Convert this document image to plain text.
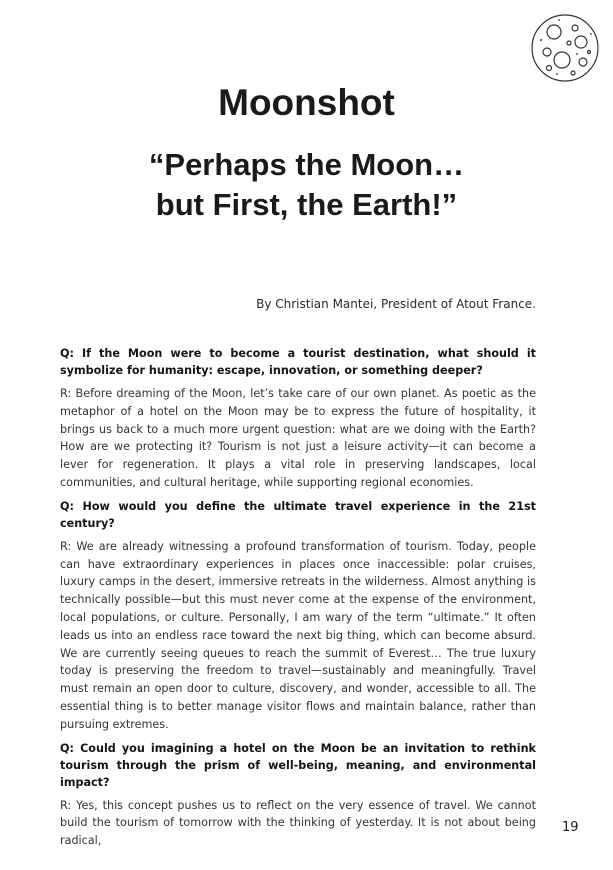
Moonshot
“Perhaps the Moon…
but First, the Earth!”

By Christian Mantei, President of Atout France.

Q: If the Moon were to become a tourist destination, what should it symbolize for humanity: escape, innovation, or something deeper?

R: Before dreaming of the Moon, let’s take care of our own planet. As poetic as the metaphor of a hotel on the Moon may be to express the future of hospitality, it brings us back to a much more urgent question: what are we doing with the Earth? How are we protecting it? Tourism is not just a leisure activity—it can become a lever for regeneration. It plays a vital role in preserving landscapes, local communities, and cultural heritage, while supporting regional economies.

Q: How would you define the ultimate travel experience in the 21st century?

R: We are already witnessing a profound transformation of tourism. Today, people can have extraordinary experiences in places once inaccessible: polar cruises, luxury camps in the desert, immersive retreats in the wilderness. Almost anything is technically possible—but this must never come at the expense of the environment, local populations, or culture. Personally, I am wary of the term “ultimate.” It often leads us into an endless race toward the next big thing, which can become absurd. We are currently seeing queues to reach the summit of Everest… The true luxury today is preserving the freedom to travel—sustainably and meaningfully. Travel must remain an open door to culture, discovery, and wonder, accessible to all. The essential thing is to better manage visitor flows and maintain balance, rather than pursuing extremes.

Q: Could you imagining a hotel on the Moon be an invitation to rethink tourism through the prism of well-being, meaning, and environmental impact?

R: Yes, this concept pushes us to reflect on the very essence of travel. We cannot build the tourism of tomorrow with the thinking of yesterday. It is not about being radical,

19
